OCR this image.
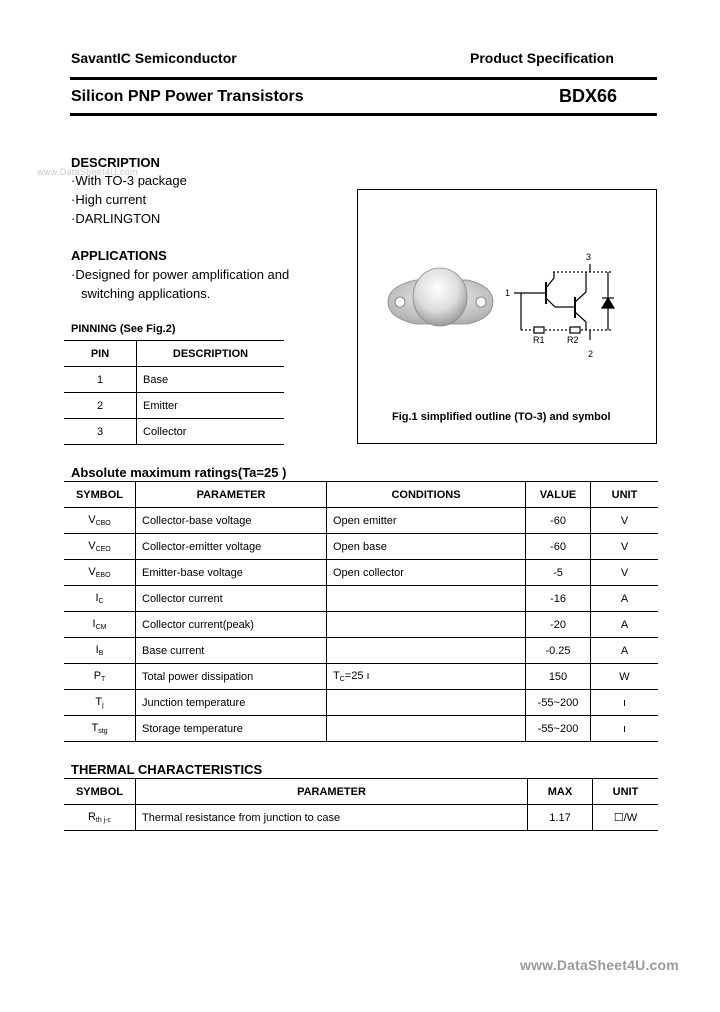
SavantIC Semiconductor	Product Specification
Silicon PNP Power Transistors	BDX66
www.DataSheet4U.com
DESCRIPTION
·With TO-3 package
·High current
·DARLINGTON
APPLICATIONS
·Designed for power amplification and
switching applications.
3
1
R1 R2
2
Fig.1 simplified outline (TO-3) and symbol
PINNING (See Fig.2)
PIN	DESCRIPTION
1	Base
2	Emitter
3	Collector
Absolute maximum ratings(Ta=25 )
SYMBOL	PARAMETER	CONDITIONS	VALUE	UNIT
$V_{CBO}$	Collector-base voltage	Open emitter	-60	V
$V_{CEO}$	Collector-emitter voltage	Open base	-60	V
$V_{EBO}$	Emitter-base voltage	Open collector	-5	V
$I_C$	Collector current		-16	A
$I_{CM}$	Collector current(peak)		-20	A
$I_B$	Base current		-0.25	A
$P_T$	Total power dissipation	$T_C=25$ ı	150	W
$T_j$	Junction temperature		-55~200	ı
$T_{stg}$	Storage temperature		-55~200	ı
THERMAL CHARACTERISTICS
SYMBOL	PARAMETER	MAX	UNIT
$R_{th j-c}$	Thermal resistance from junction to case	1.17	☐/W
www.DataSheet4U.com
